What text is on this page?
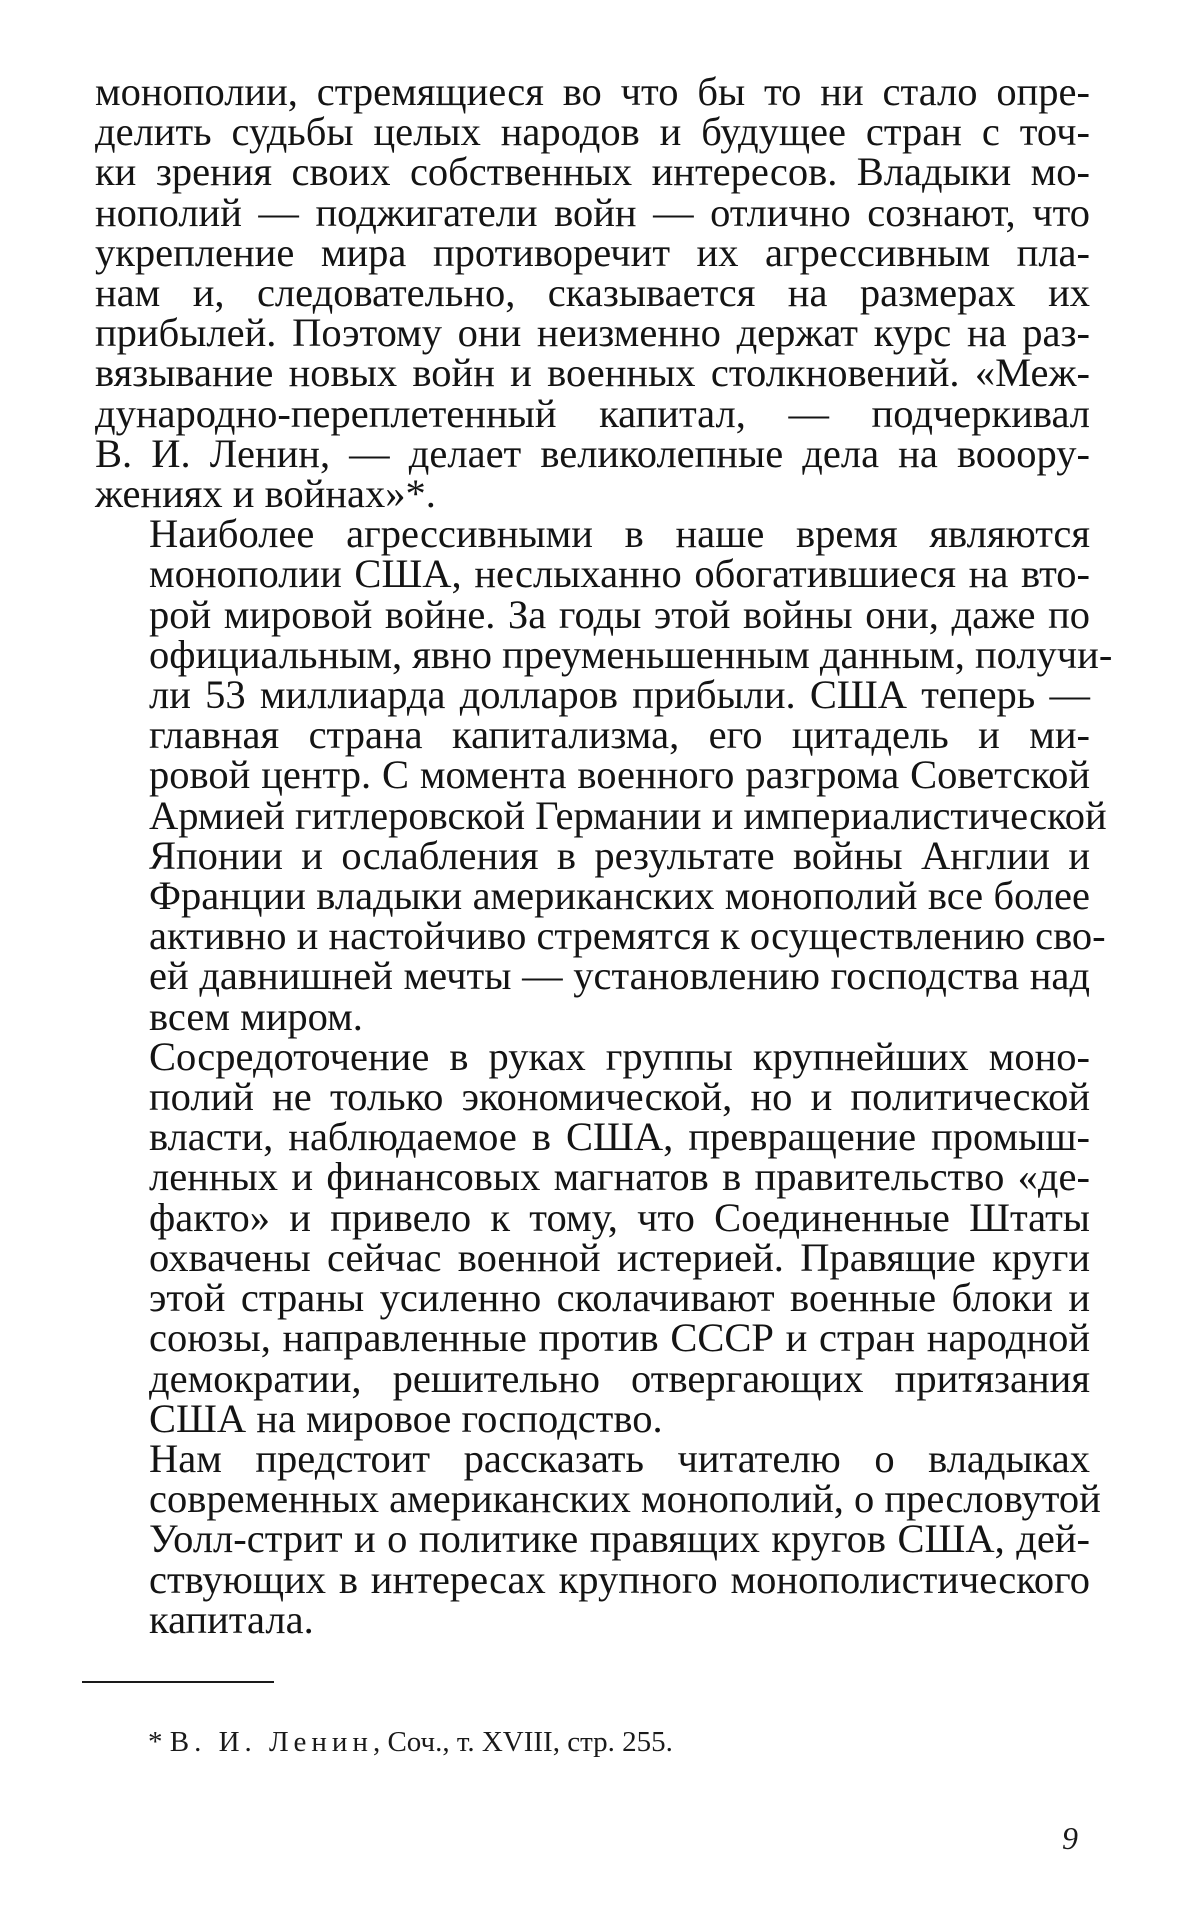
монополии, стремящиеся во что бы то ни стало опре-
делить судьбы целых народов и будущее стран с точ-
ки зрения своих собственных интересов. Владыки мо-
нополий — поджигатели войн — отлично сознают, что
укрепление мира противоречит их агрессивным пла-
нам и, следовательно, сказывается на размерах их
прибылей. Поэтому они неизменно держат курс на раз-
вязывание новых войн и военных столкновений. «Меж-
дународно-переплетенный капитал, — подчеркивал
В. И. Ленин, — делает великолепные дела на вооору-
жениях и войнах»*.

Наиболее агрессивными в наше время являются
монополии США, неслыханно обогатившиеся на вто-
рой мировой войне. За годы этой войны они, даже по
официальным, явно преуменьшенным данным, получи-
ли 53 миллиарда долларов прибыли. США теперь —
главная страна капитализма, его цитадель и ми-
ровой центр. С момента военного разгрома Советской
Армией гитлеровской Германии и империалистической
Японии и ослабления в результате войны Англии и
Франции владыки американских монополий все более
активно и настойчиво стремятся к осуществлению сво-
ей давнишней мечты — установлению господства над
всем миром.

Сосредоточение в руках группы крупнейших моно-
полий не только экономической, но и политической
власти, наблюдаемое в США, превращение промыш-
ленных и финансовых магнатов в правительство «де-
факто» и привело к тому, что Соединенные Штаты
охвачены сейчас военной истерией. Правящие круги
этой страны усиленно сколачивают военные блоки и
союзы, направленные против СССР и стран народной
демократии, решительно отвергающих притязания
США на мировое господство.

Нам предстоит рассказать читателю о владыках
современных американских монополий, о пресловутой
Уолл-стрит и о политике правящих кругов США, дей-
ствующих в интересах крупного монополистического
капитала.

* В. И. Ленин, Соч., т. XVIII, стр. 255.
9
